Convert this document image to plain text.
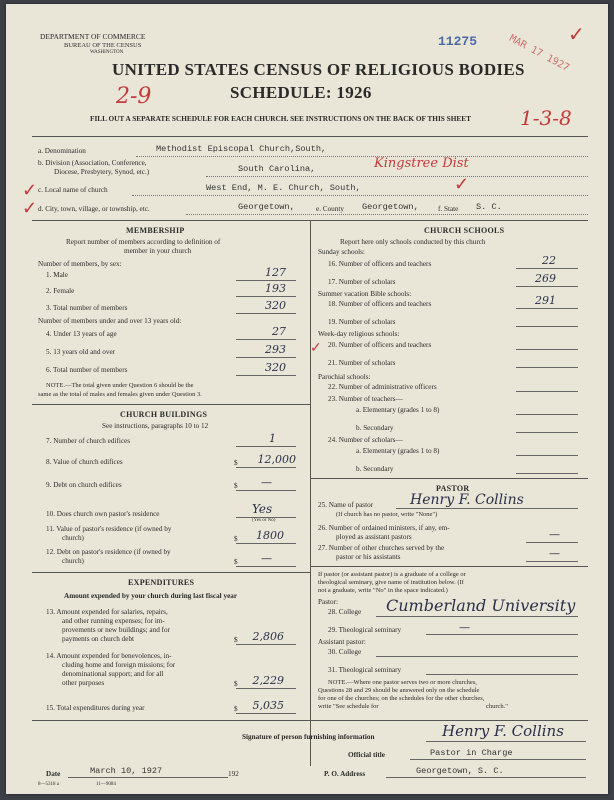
DEPARTMENT OF COMMERCE
BUREAU OF THE CENSUS
WASHINGTON
11275	MAR 17 1927
✓
UNITED STATES CENSUS OF RELIGIOUS BODIES
SCHEDULE: 1926
2-9
FILL OUT A SEPARATE SCHEDULE FOR EACH CHURCH. SEE INSTRUCTIONS ON THE BACK OF THIS SHEET 1-3-8
a. Denomination	Methodist Episcopal Church,South,
b. Division (Association, Conference,
Diocese, Presbytery, Synod, etc.)	South Carolina,	Kingstree Dist
c. Local name of church	West End, M. E. Church, South,
✓	✓
d. City, town, village, or township, etc.	Georgetown,	e. County Georgetown,	f. State S. C.
✓
MEMBERSHIP
Report number of members according to definition of
member in your church
Number of members, by sex:
1. Male	127
2. Female	193
3. Total number of members	320
Number of members under and over 13 years old:
4. Under 13 years of age	27
5. 13 years old and over	293
6. Total number of members	320
NOTE.—The total given under Question 6 should be the
same as the total of males and females given under Question 3.
CHURCH BUILDINGS
See instructions, paragraphs 10 to 12
7. Number of church edifices	1
8. Value of church edifices	$	12,000
9. Debt on church edifices	$	—
10. Does church own pastor's residence	Yes
(Yes or No)
11. Value of pastor's residence (if owned by
church)	$	1800
12. Debt on pastor's residence (if owned by
church)	$	—
EXPENDITURES
Amount expended by your church during last fiscal year
13. Amount expended for salaries, repairs,
and other running expenses; for im-
provements or new buildings; and for
payments on church debt	$	2,806
14. Amount expended for benevolences, in-
cluding home and foreign missions; for
denominational support; and for all
other purposes	$	2,229
15. Total expenditures during year	$	5,035
CHURCH SCHOOLS
Report here only schools conducted by this church
Sunday schools:
16. Number of officers and teachers	22
17. Number of scholars	269
Summer vacation Bible schools:
18. Number of officers and teachers	291
19. Number of scholars
Week-day religious schools:
20. Number of officers and teachers
✓
21. Number of scholars
Parochial schools:
22. Number of administrative officers
23. Number of teachers—
a. Elementary (grades 1 to 8)
b. Secondary
24. Number of scholars—
a. Elementary (grades 1 to 8)
b. Secondary
PASTOR
25. Name of pastor	Henry F. Collins
(If church has no pastor, write "None")
26. Number of ordained ministers, if any, em-
ployed as assistant pastors	—
27. Number of other churches served by the
pastor or his assistants	—
If pastor (or assistant pastor) is a graduate of a college or
theological seminary, give name of institution below. (If
not a graduate, write "No" in the space indicated.)
Pastor:
28. College Cumberland University
29. Theological seminary	—
Assistant pastor:
30. College
31. Theological seminary
NOTE.—Where one pastor serves two or more churches,
Questions 28 and 29 should be answered only on the schedule
for one of the churches; on the schedules for the other churches,
write "See schedule for	church."
Signature of person furnishing information	Henry F. Collins
Official title	Pastor in Charge
Date	March 10, 1927	192	P. O. Address	Georgetown, S. C.
8—5318 a	11—9084
